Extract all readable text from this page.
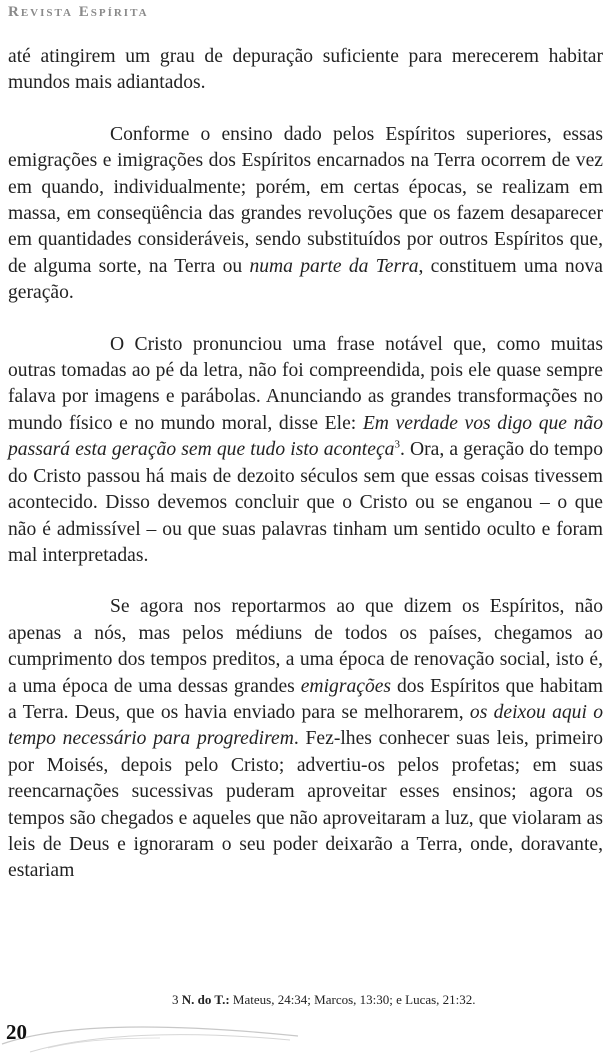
Revista Espírita

até atingirem um grau de depuração suficiente para merecerem habitar mundos mais adiantados.

Conforme o ensino dado pelos Espíritos superiores, essas emigrações e imigrações dos Espíritos encarnados na Terra ocorrem de vez em quando, individualmente; porém, em certas épocas, se realizam em massa, em conseqüência das grandes revoluções que os fazem desaparecer em quantidades consideráveis, sendo substituídos por outros Espíritos que, de alguma sorte, na Terra ou numa parte da Terra, constituem uma nova geração.

O Cristo pronunciou uma frase notável que, como muitas outras tomadas ao pé da letra, não foi compreendida, pois ele quase sempre falava por imagens e parábolas. Anunciando as grandes transformações no mundo físico e no mundo moral, disse Ele: Em verdade vos digo que não passará esta geração sem que tudo isto aconteça$^3$. Ora, a geração do tempo do Cristo passou há mais de dezoito séculos sem que essas coisas tivessem acontecido. Disso devemos concluir que o Cristo ou se enganou – o que não é admissível – ou que suas palavras tinham um sentido oculto e foram mal interpretadas.

Se agora nos reportarmos ao que dizem os Espíritos, não apenas a nós, mas pelos médiuns de todos os países, chegamos ao cumprimento dos tempos preditos, a uma época de renovação social, isto é, a uma época de uma dessas grandes emigrações dos Espíritos que habitam a Terra. Deus, que os havia enviado para se melhorarem, os deixou aqui o tempo necessário para progredirem. Fez-lhes conhecer suas leis, primeiro por Moisés, depois pelo Cristo; advertiu-os pelos profetas; em suas reencarnações sucessivas puderam aproveitar esses ensinos; agora os tempos são chegados e aqueles que não aproveitaram a luz, que violaram as leis de Deus e ignoraram o seu poder deixarão a Terra, onde, doravante, estariam

3 N. do T.: Mateus, 24:34; Marcos, 13:30; e Lucas, 21:32.
20
